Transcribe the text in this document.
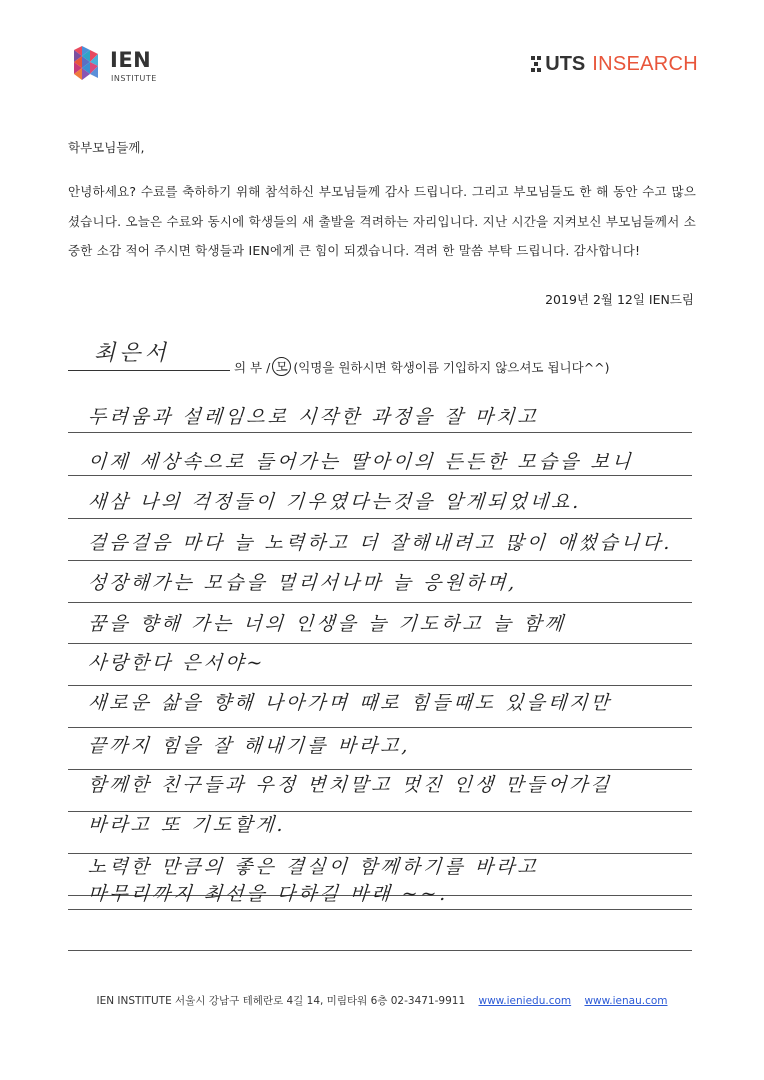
IEN
INSTITUTE
UTS INSEARCH
학부모님들께,
안녕하세요? 수료를 축하하기 위해 참석하신 부모님들께 감사 드립니다. 그리고 부모님들도 한 해 동안 수고 많으셨습니다. 오늘은 수료와 동시에 학생들의 새 출발을 격려하는 자리입니다. 지난 시간을 지켜보신 부모님들께서 소중한 소감 적어 주시면 학생들과 IEN에게 큰 힘이 되겠습니다. 격려 한 말씀 부탁 드립니다. 감사합니다!
2019년 2월 12일 IEN드림
최은서
의 부 / 모 (익명을 원하시면 학생이름 기입하지 않으셔도 됩니다^^)
두려움과 설레임으로 시작한 과정을 잘 마치고
이제 세상속으로 들어가는 딸아이의 든든한 모습을 보니
새삼 나의 걱정들이 기우였다는것을 알게되었네요.
걸음걸음 마다 늘 노력하고 더 잘해내려고 많이 애썼습니다.
성장해가는 모습을 멀리서나마 늘 응원하며,
꿈을 향해 가는 너의 인생을 늘 기도하고 늘 함께
사랑한다 은서야~
새로운 삶을 향해 나아가며 때로 힘들때도 있을테지만
끝까지 힘을 잘 해내기를 바라고,
함께한 친구들과 우정 변치말고 멋진 인생 만들어가길
바라고 또 기도할게.
노력한 만큼의 좋은 결실이 함께하기를 바라고
마무리까지 최선을 다하길 바래 ~~.
IEN INSTITUTE 서울시 강남구 테헤란로 4길 14, 미림타워 6층 02-3471-9911 www.ieniedu.com www.ienau.com
